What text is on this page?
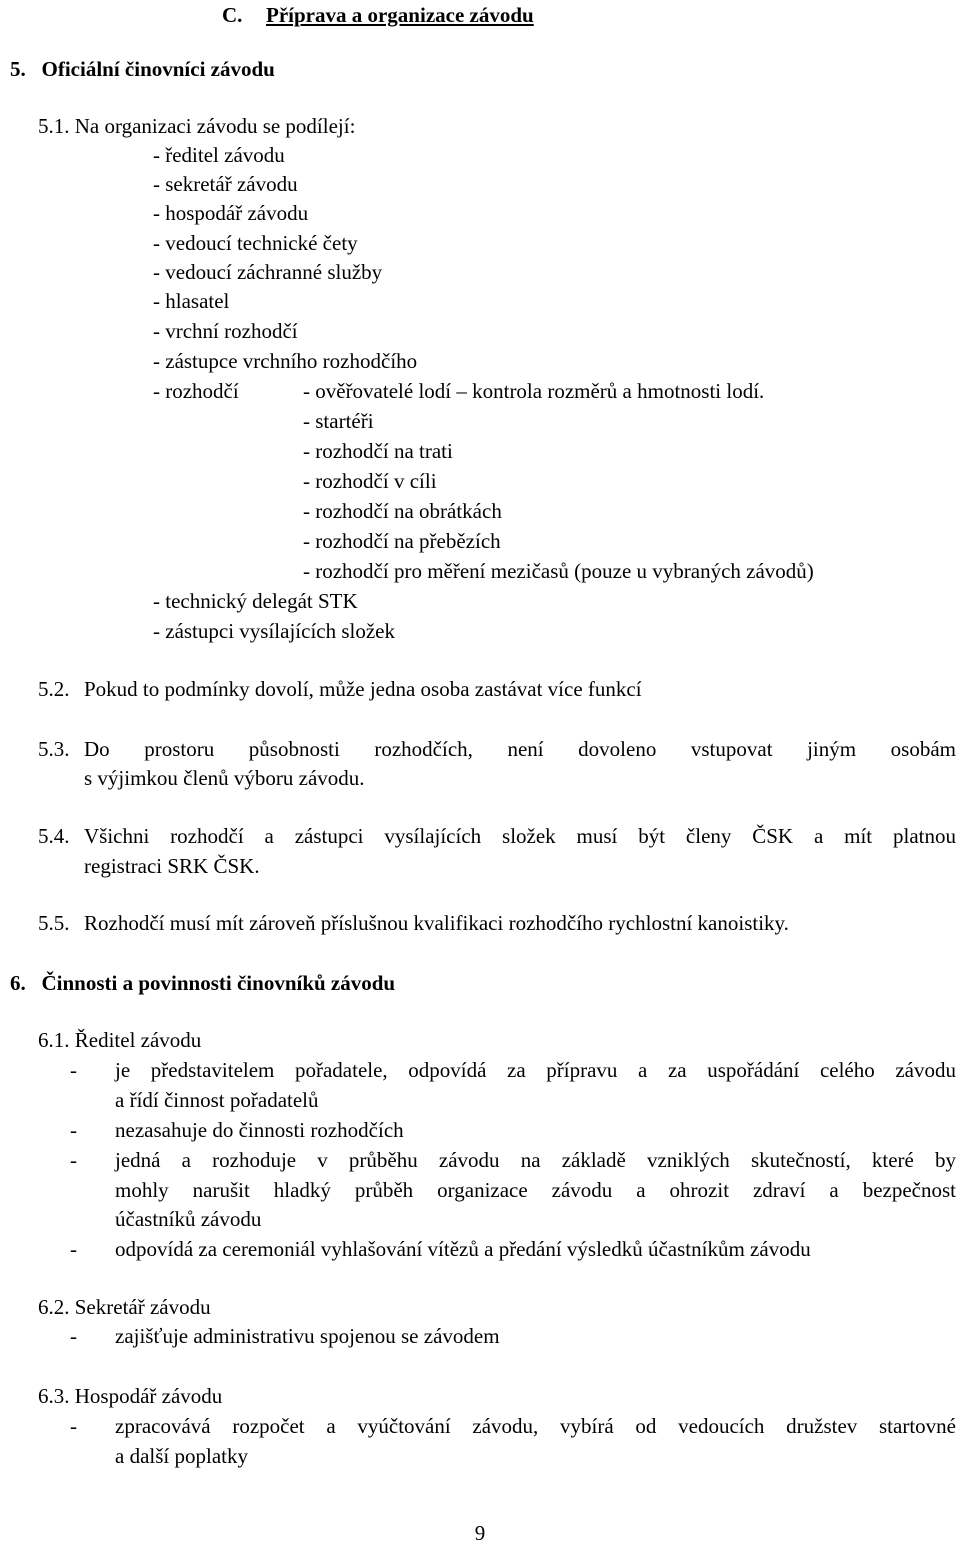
C. Příprava a organizace závodu
5.   Oficiální činovníci závodu
5.1. Na organizaci závodu se podílejí:
- ředitel závodu
- sekretář závodu
- hospodář závodu
- vedoucí technické čety
- vedoucí záchranné služby
- hlasatel
- vrchní rozhodčí
- zástupce vrchního rozhodčího
- rozhodčí	- ověřovatelé lodí – kontrola rozměrů a hmotnosti lodí.
- startéři
- rozhodčí na trati
- rozhodčí v cíli
- rozhodčí na obrátkách
- rozhodčí na přebězích
- rozhodčí pro měření mezičasů (pouze u vybraných závodů)
- technický delegát STK
- zástupci vysílajících složek
5.2. Pokud to podmínky dovolí, může jedna osoba zastávat více funkcí
5.3. Do prostoru působnosti rozhodčích, není dovoleno vstupovat jiným osobám
s výjimkou členů výboru závodu.
5.4. Všichni rozhodčí a zástupci vysílajících složek musí být členy ČSK a mít platnou
registraci SRK ČSK.
5.5. Rozhodčí musí mít zároveň příslušnou kvalifikaci rozhodčího rychlostní kanoistiky.
6.   Činnosti a povinnosti činovníků závodu
6.1. Ředitel závodu
- je představitelem pořadatele, odpovídá za přípravu a za uspořádání celého závodu
a řídí činnost pořadatelů
- nezasahuje do činnosti rozhodčích
- jedná a rozhoduje v průběhu závodu na základě vzniklých skutečností, které by
mohly narušit hladký průběh organizace závodu a ohrozit zdraví a bezpečnost
účastníků závodu
- odpovídá za ceremoniál vyhlašování vítězů a předání výsledků účastníkům závodu
6.2. Sekretář závodu
- zajišťuje administrativu spojenou se závodem
6.3. Hospodář závodu
- zpracovává rozpočet a vyúčtování závodu, vybírá od vedoucích družstev startovné
a další poplatky
9
